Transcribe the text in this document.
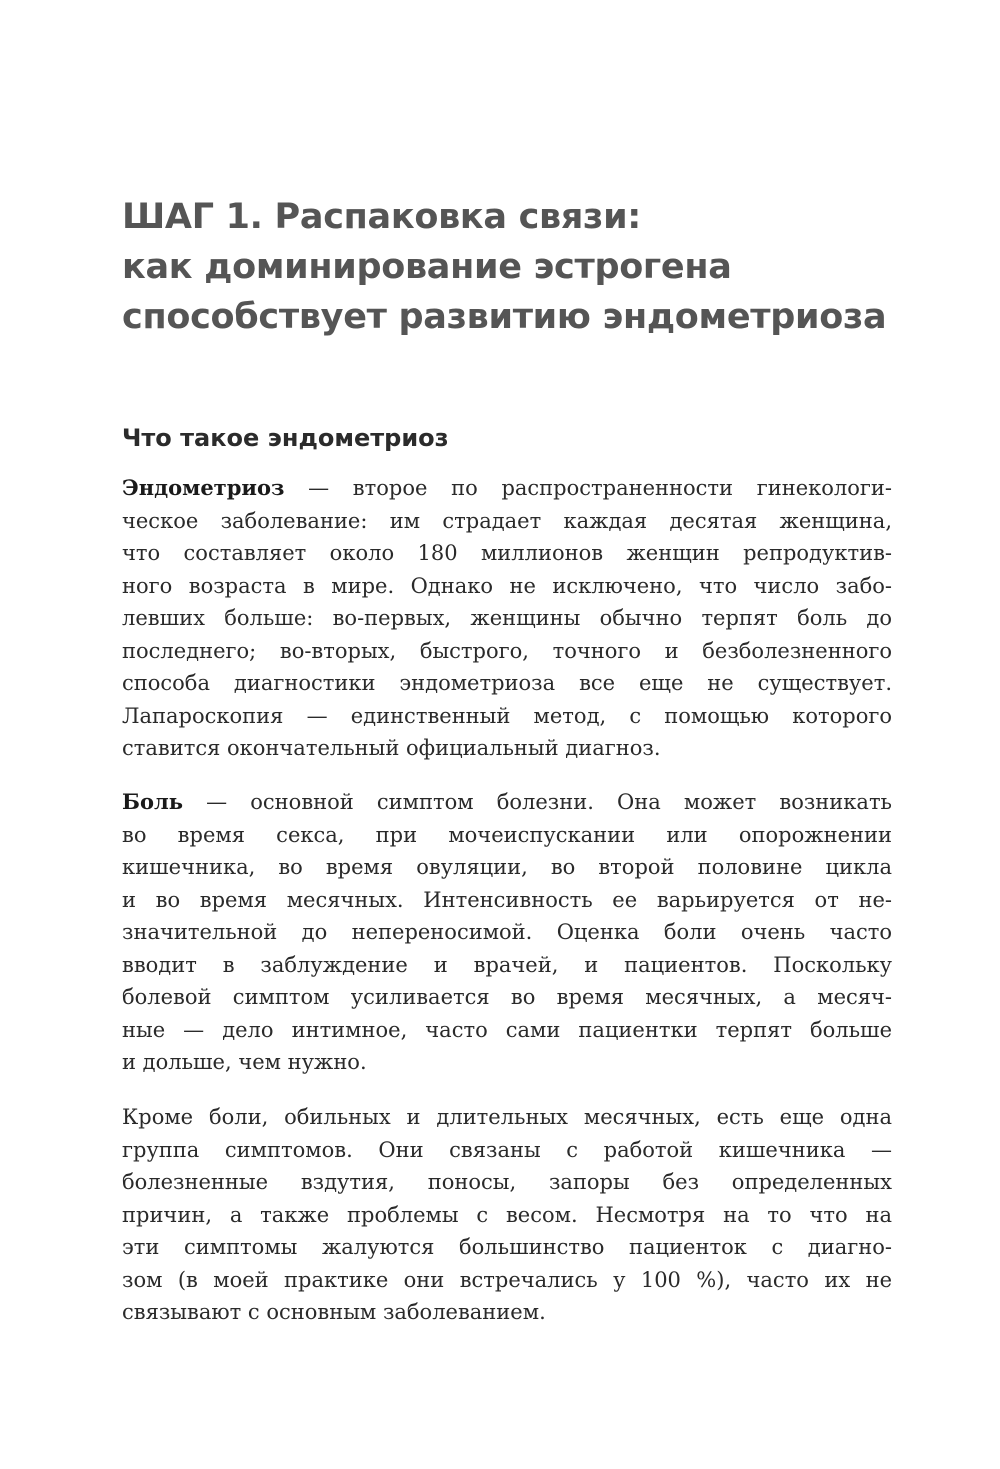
ШАГ 1. Распаковка связи:
как доминирование эстрогена
способствует развитию эндометриоза
Что такое эндометриоз

Эндометриоз — второе по распространенности гинекологи-
ческое заболевание: им страдает каждая десятая женщина,
что составляет около 180 миллионов женщин репродуктив-
ного возраста в мире. Однако не исключено, что число забо-
левших больше: во-первых, женщины обычно терпят боль до
последнего; во-вторых, быстрого, точного и безболезненного
способа диагностики эндометриоза все еще не существует.
Лапароскопия — единственный метод, с помощью которого
ставится окончательный официальный диагноз.

Боль — основной симптом болезни. Она может возникать
во время секса, при мочеиспускании или опорожнении
кишечника, во время овуляции, во второй половине цикла
и во время месячных. Интенсивность ее варьируется от не-
значительной до непереносимой. Оценка боли очень часто
вводит в заблуждение и врачей, и пациентов. Поскольку
болевой симптом усиливается во время месячных, а месяч-
ные — дело интимное, часто сами пациентки терпят больше
и дольше, чем нужно.

Кроме боли, обильных и длительных месячных, есть еще одна
группа симптомов. Они связаны с работой кишечника —
болезненные вздутия, поносы, запоры без определенных
причин, а также проблемы с весом. Несмотря на то что на
эти симптомы жалуются большинство пациенток с диагно-
зом (в моей практике они встречались у 100 %), часто их не
связывают с основным заболеванием.
